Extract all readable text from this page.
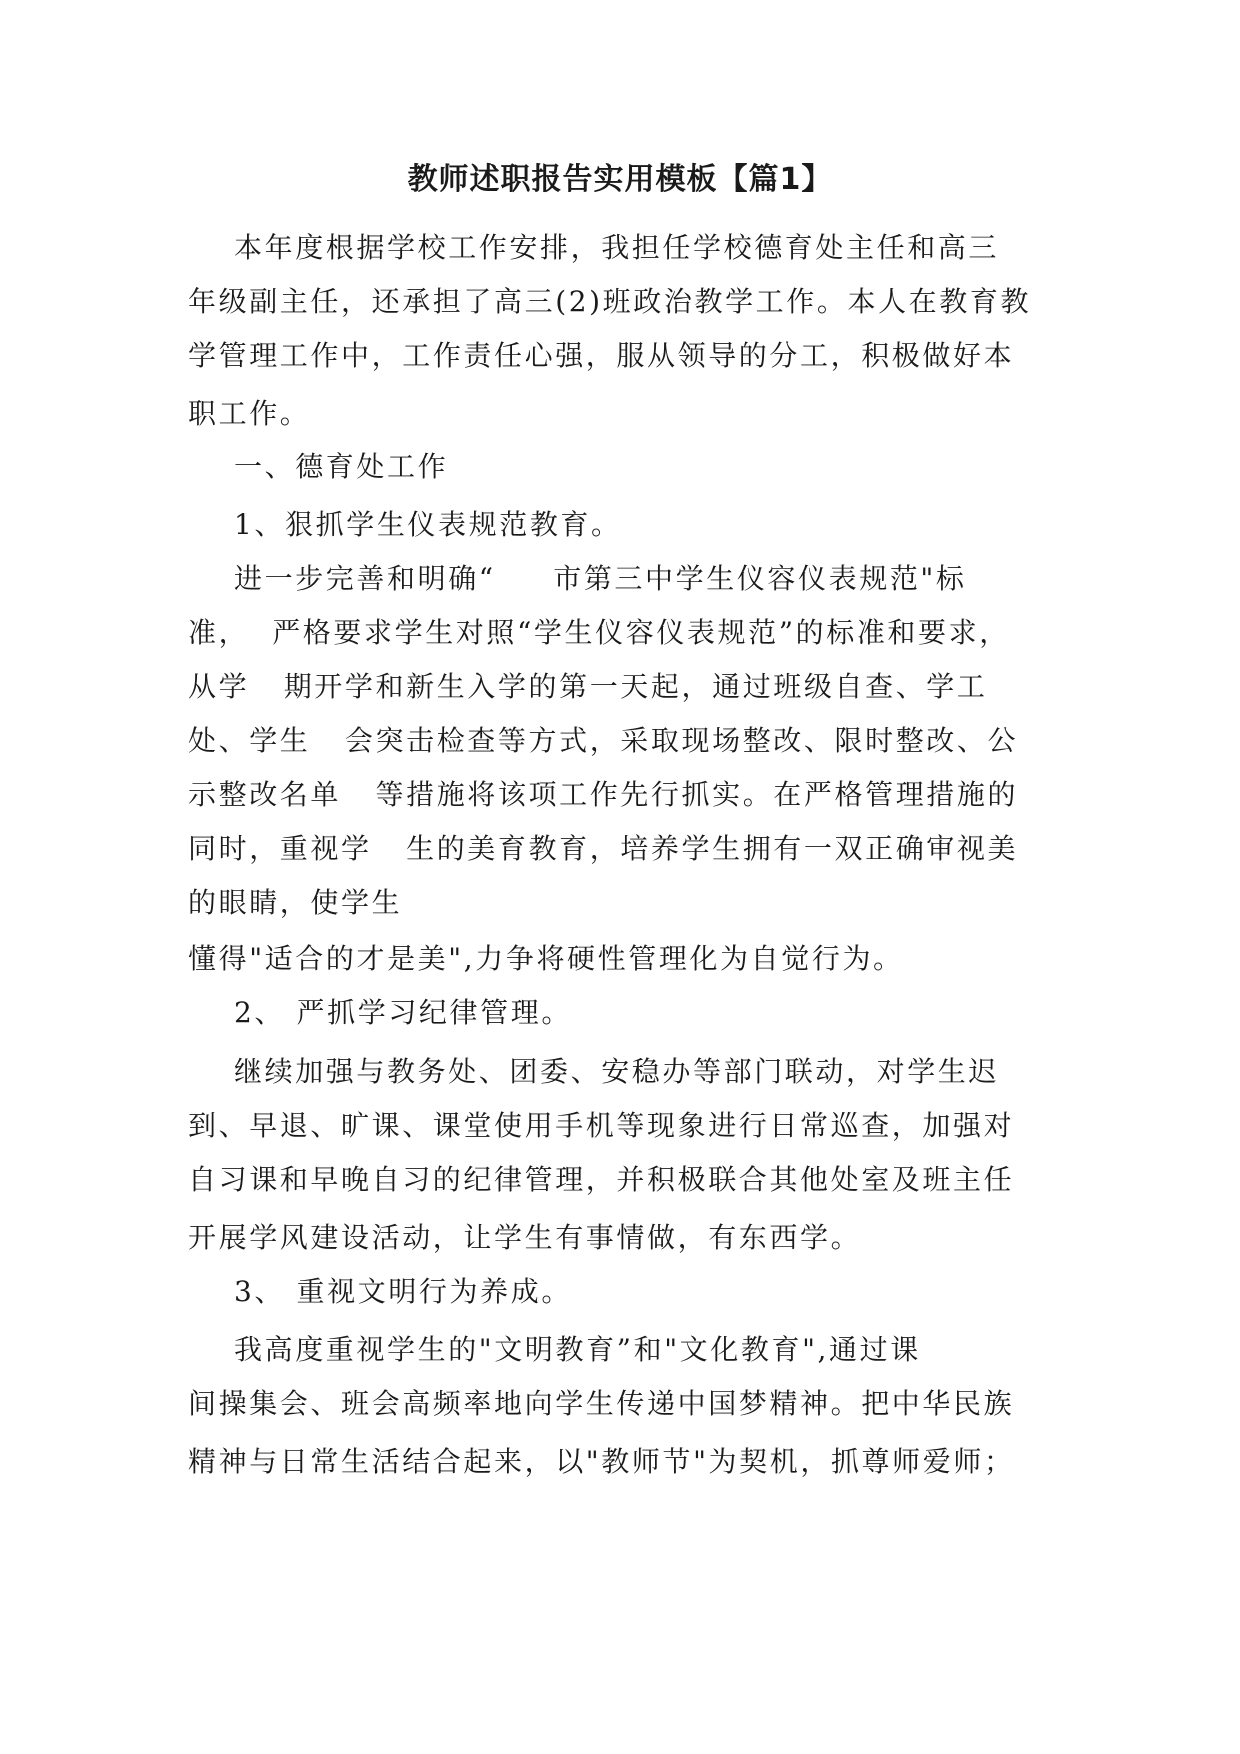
教师述职报告实用模板【篇1】

本年度根据学校工作安排，我担任学校德育处主任和高三

年级副主任，还承担了高三(2)班政治教学工作。本人在教育教

学管理工作中，工作责任心强，服从领导的分工，积极做好本

职工作。

一、德育处工作

1、狠抓学生仪表规范教育。

进一步完善和明确“     市第三中学生仪容仪表规范"标

准，  严格要求学生对照“学生仪容仪表规范”的标准和要求，

从学   期开学和新生入学的第一天起，通过班级自查、学工

处、学生   会突击检查等方式，采取现场整改、限时整改、公

示整改名单   等措施将该项工作先行抓实。在严格管理措施的

同时，重视学   生的美育教育，培养学生拥有一双正确审视美

的眼睛，使学生

懂得"适合的才是美",力争将硬性管理化为自觉行为。

2、 严抓学习纪律管理。

继续加强与教务处、团委、安稳办等部门联动，对学生迟

到、早退、旷课、课堂使用手机等现象进行日常巡查，加强对

自习课和早晚自习的纪律管理，并积极联合其他处室及班主任

开展学风建设活动，让学生有事情做，有东西学。

3、 重视文明行为养成。

我高度重视学生的"文明教育”和"文化教育",通过课

间操集会、班会高频率地向学生传递中国梦精神。把中华民族

精神与日常生活结合起来，以"教师节"为契机，抓尊师爱师；
